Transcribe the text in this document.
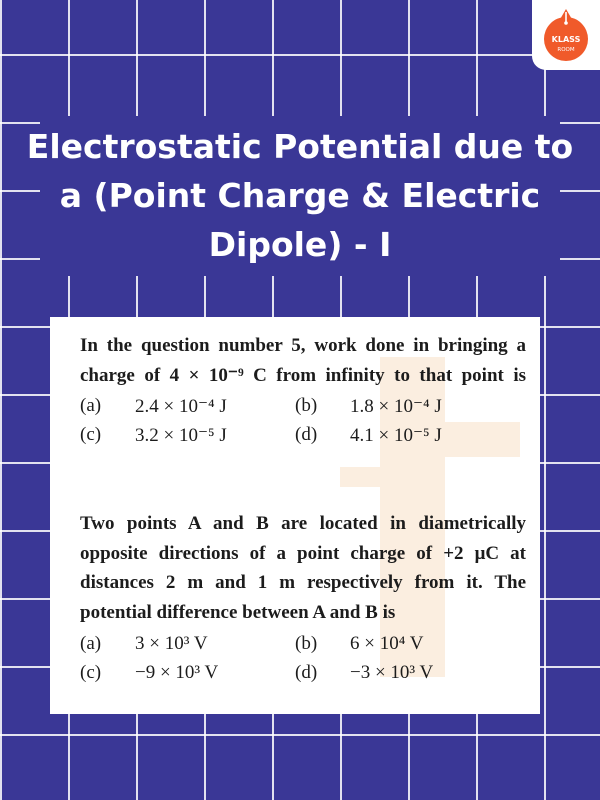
KLASS
ROOM
Electrostatic Potential due to a (Point Charge & Electric Dipole) - I

In the question number 5, work done in bringing a charge of 4 × 10⁻⁹ C from infinity to that point is

(a)	2.4 × 10⁻⁴ J	(b)	1.8 × 10⁻⁴ J
(c)	3.2 × 10⁻⁵ J	(d)	4.1 × 10⁻⁵ J

Two points A and B are located in diametrically opposite directions of a point charge of +2 μC at distances 2 m and 1 m respectively from it. The potential difference between A and B is

(a)	3 × 10³ V	(b)	6 × 10⁴ V
(c)	−9 × 10³ V	(d)	−3 × 10³ V
